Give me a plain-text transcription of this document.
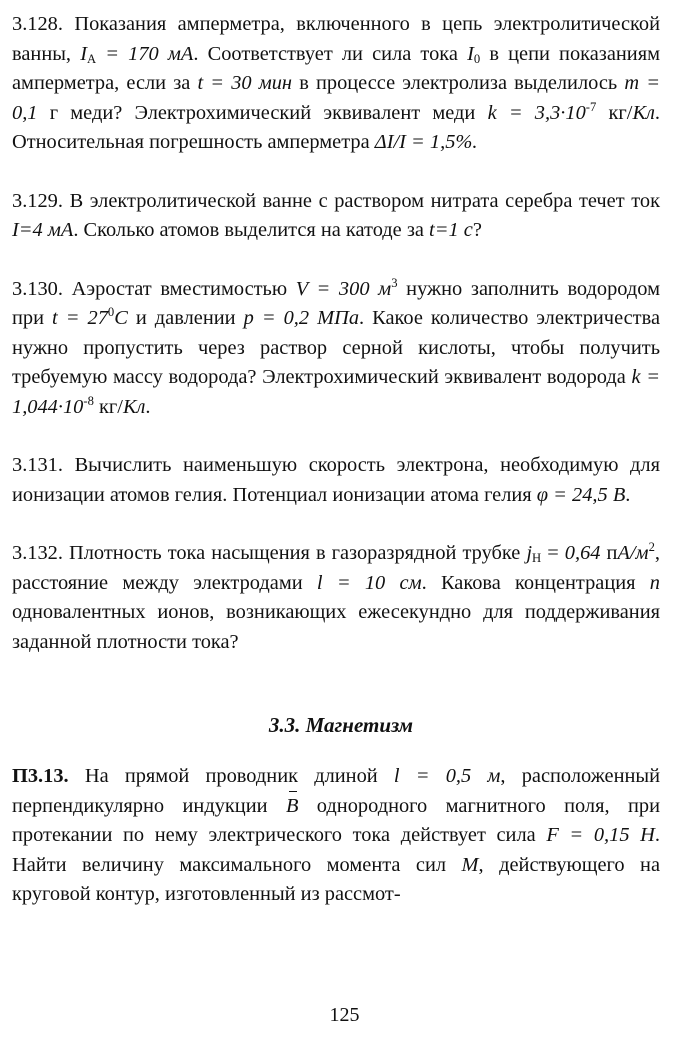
3.128. Показания амперметра, включенного в цепь электролитической ванны, $I_А = 170$ мА. Соответствует ли сила тока $I_0$ в цепи показаниям амперметра, если за t = 30 мин в процессе электролиза выделилось m = 0,1 г меди? Электрохимический эквивалент меди $k = 3,3\cdot 10^{-7}$ кг/Кл. Относительная погрешность амперметра ΔI/I = 1,5%.

3.129. В электролитической ванне с раствором нитрата серебра течет ток I=4 мА. Сколько атомов выделится на катоде за t=1 с?

3.130. Аэростат вместимостью V = 300 $м^3$ нужно заполнить водородом при $t = 27^0C$ и давлении p = 0,2 МПа. Какое количество электричества нужно пропустить через раствор серной кислоты, чтобы получить требуемую массу водорода? Электрохимический эквивалент водорода $k = 1,044\cdot 10^{-8}$ кг/Кл.

3.131. Вычислить наименьшую скорость электрона, необходимую для ионизации атомов гелия. Потенциал ионизации атома гелия φ = 24,5 В.

3.132. Плотность тока насыщения в газоразрядной трубке $j_Н = 0,64$ $пА/м^2$, расстояние между электродами l = 10 см. Какова концентрация n одновалентных ионов, возникающих ежесекундно для поддерживания заданной плотности тока?

3.3. Магнетизм

П3.13. На прямой проводник длиной l = 0,5 м, расположенный перпендикулярно индукции B однородного магнитного поля, при протекании по нему электрического тока действует сила F = 0,15 Н. Найти величину максимального момента сил М, действующего на круговой контур, изготовленный из рассмот-

125
